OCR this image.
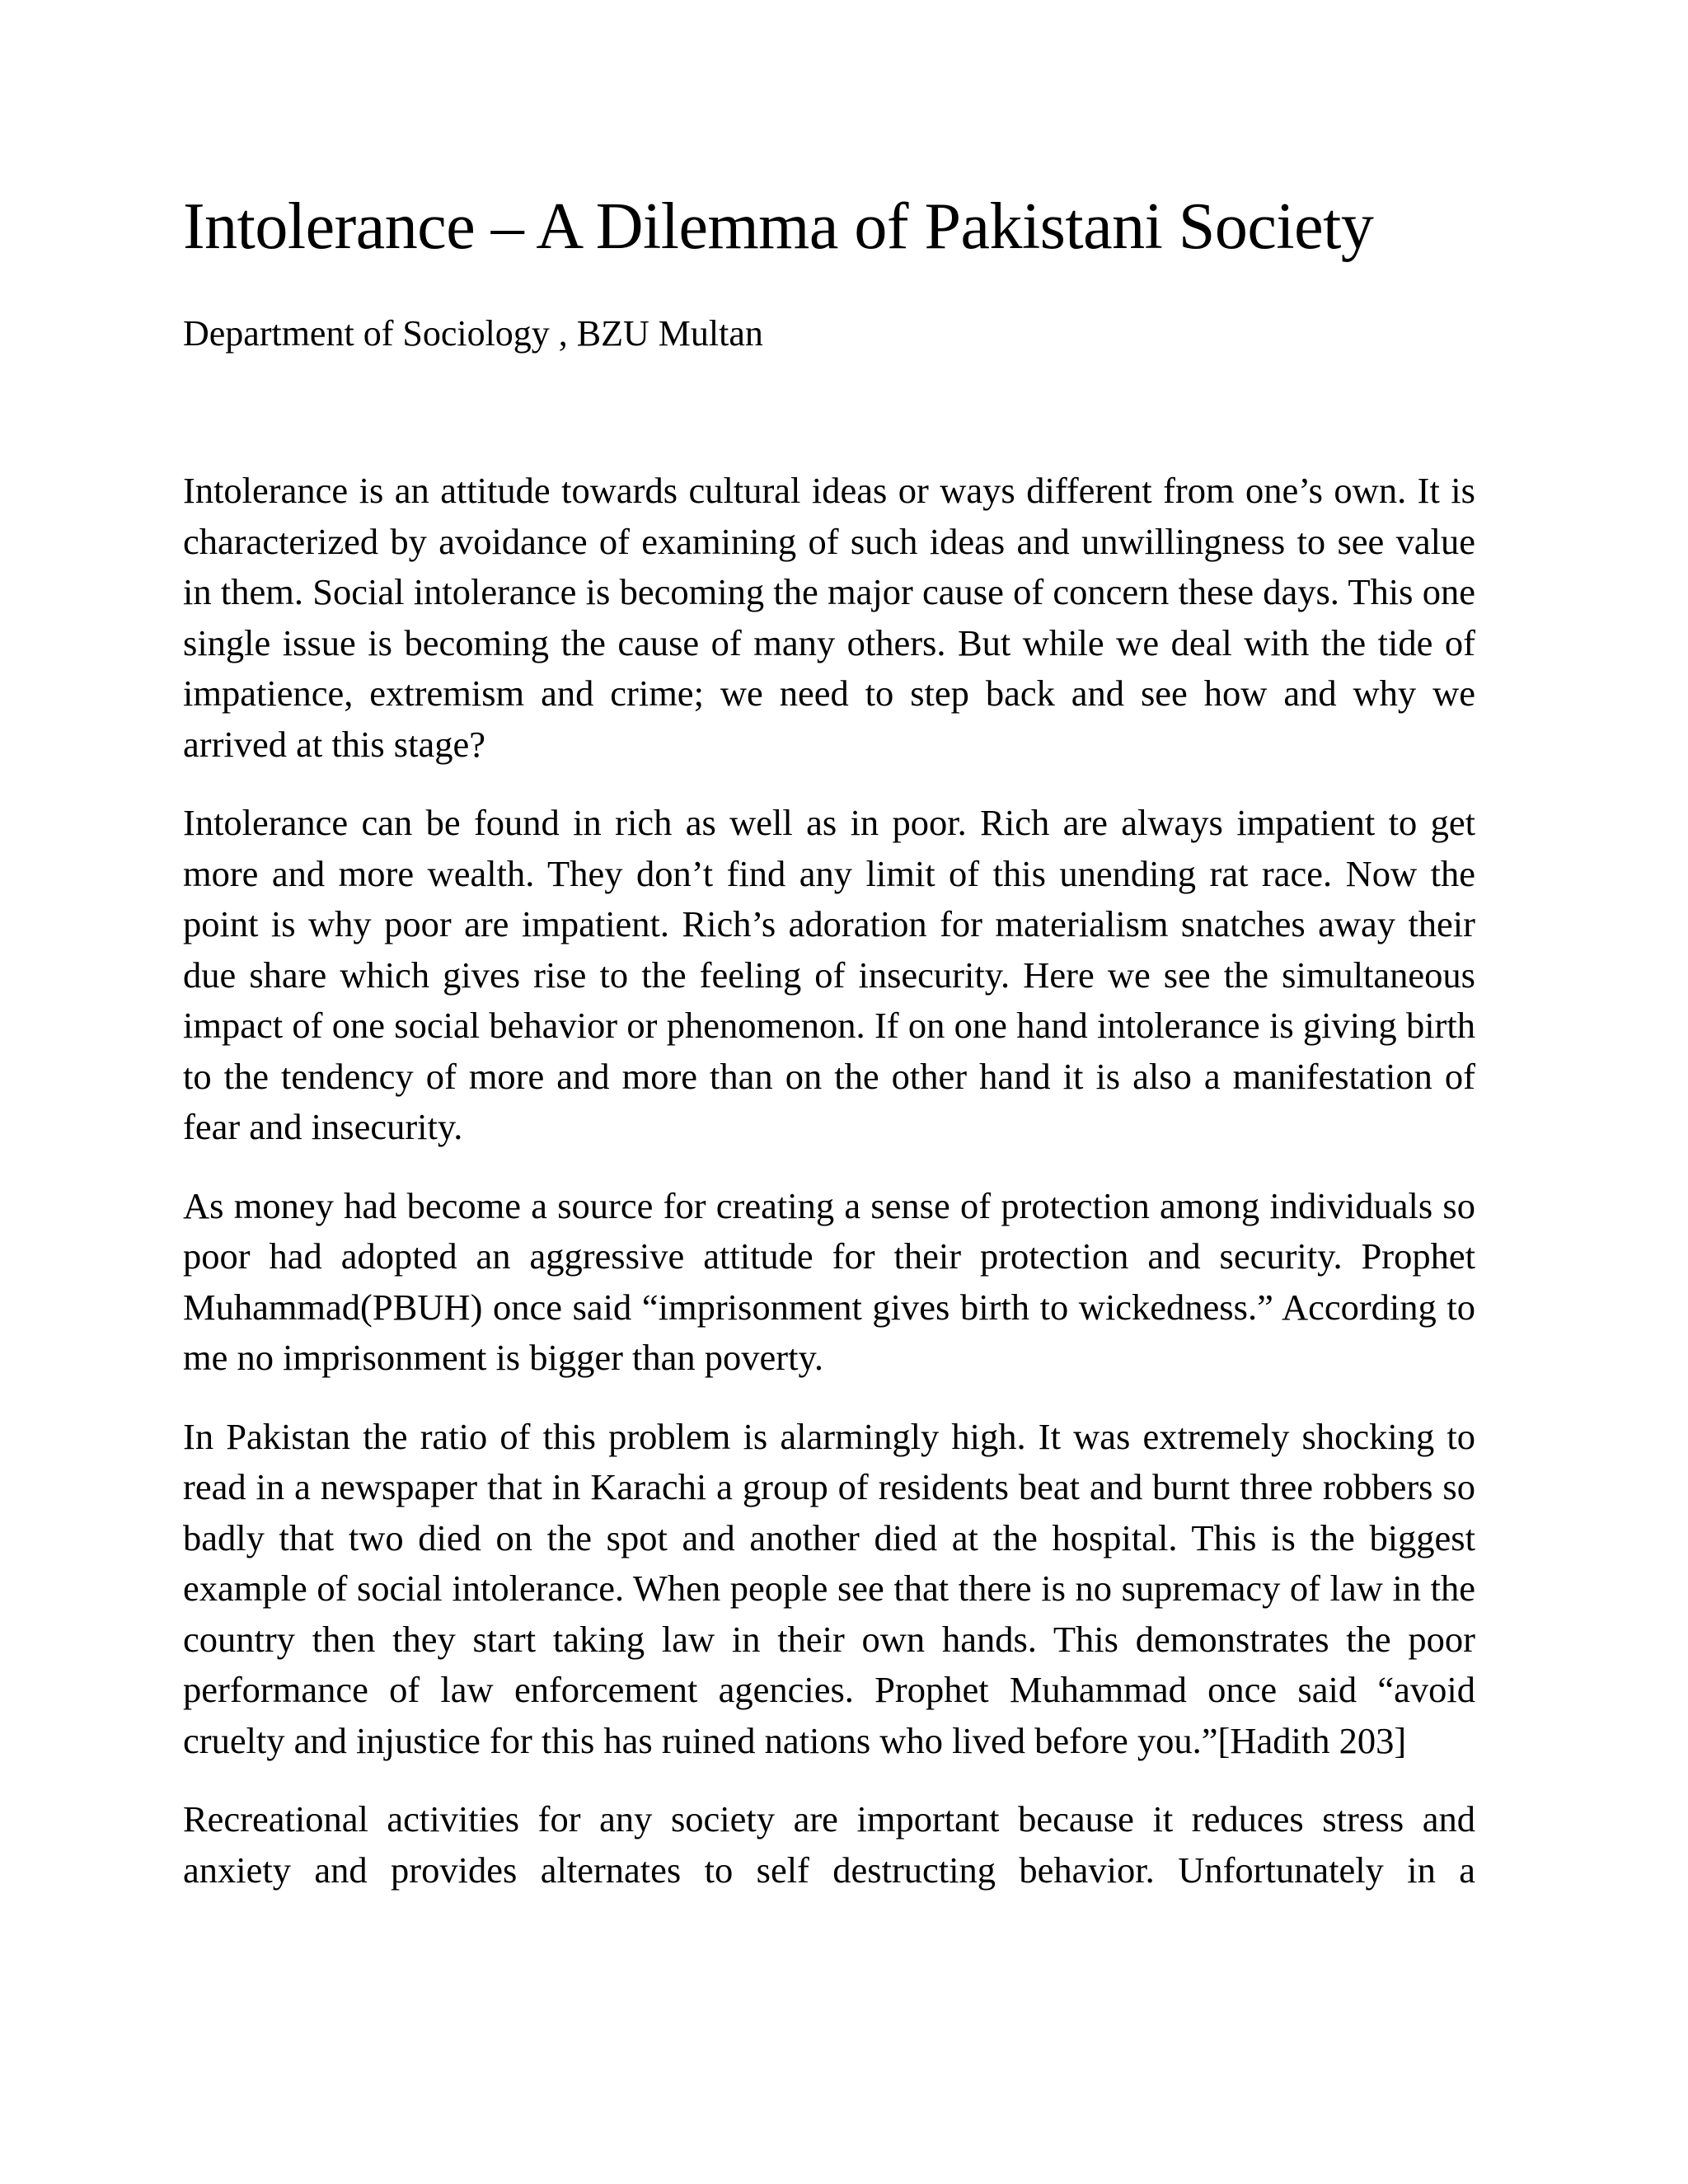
Intolerance – A Dilemma of Pakistani Society
Department of Sociology , BZU Multan

Intolerance is an attitude towards cultural ideas or ways different from one’s own. It is characterized by avoidance of examining of such ideas and unwillingness to see value in them. Social intolerance is becoming the major cause of concern these days. This one single issue is becoming the cause of many others. But while we deal with the tide of impatience, extremism and crime; we need to step back and see how and why we arrived at this stage?

Intolerance can be found in rich as well as in poor. Rich are always impatient to get more and more wealth. They don’t find any limit of this unending rat race. Now the point is why poor are impatient. Rich’s adoration for materialism snatches away their due share which gives rise to the feeling of insecurity. Here we see the simultaneous impact of one social behavior or phenomenon. If on one hand intolerance is giving birth to the tendency of more and more than on the other hand it is also a manifestation of fear and insecurity.

As money had become a source for creating a sense of protection among individuals so poor had adopted an aggressive attitude for their protection and security. Prophet Muhammad(PBUH) once said “imprisonment gives birth to wickedness.” According to me no imprisonment is bigger than poverty.

In Pakistan the ratio of this problem is alarmingly high. It was extremely shocking to read in a newspaper that in Karachi a group of residents beat and burnt three robbers so badly that two died on the spot and another died at the hospital. This is the biggest example of social intolerance. When people see that there is no supremacy of law in the country then they start taking law in their own hands. This demonstrates the poor performance of law enforcement agencies. Prophet Muhammad once said “avoid cruelty and injustice for this has ruined nations who lived before you.”[Hadith 203]

Recreational activities for any society are important because it reduces stress and anxiety and provides alternates to self destructing behavior. Unfortunately in a
